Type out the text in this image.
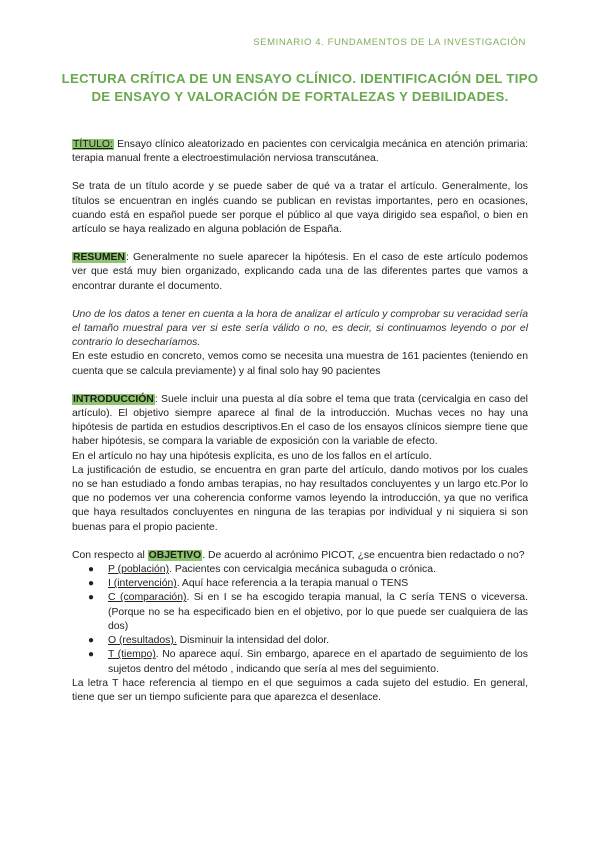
SEMINARIO 4. FUNDAMENTOS DE LA INVESTIGACIÓN
LECTURA CRÍTICA DE UN ENSAYO CLÍNICO. IDENTIFICACIÓN DEL TIPO DE ENSAYO Y VALORACIÓN DE FORTALEZAS Y DEBILIDADES.

TÍTULO: Ensayo clínico aleatorizado en pacientes con cervicalgia mecánica en atención primaria: terapia manual frente a electroestimulación nerviosa transcutánea.

Se trata de un título acorde y se puede saber de qué va a tratar el artículo. Generalmente, los títulos se encuentran en inglés cuando se publican en revistas importantes, pero en ocasiones, cuando está en español puede ser porque el público al que vaya dirigido sea español, o bien en artículo se haya realizado en alguna población de España.

RESUMEN: Generalmente no suele aparecer la hipótesis. En el caso de este artículo podemos ver que está muy bien organizado, explicando cada una de las diferentes partes que vamos a encontrar durante el documento.

Uno de los datos a tener en cuenta a la hora de analizar el artículo y comprobar su veracidad sería el tamaño muestral para ver si este sería válido o no, es decir, si continuamos leyendo o por el contrario lo desecharíamos.

En este estudio en concreto, vemos como se necesita una muestra de 161 pacientes (teniendo en cuenta que se calcula previamente) y al final solo hay 90 pacientes

INTRODUCCIÓN: Suele incluir una puesta al día sobre el tema que trata (cervicalgia en caso del artículo). El objetivo siempre aparece al final de la introducción. Muchas veces no hay una hipótesis de partida en estudios descriptivos.En el caso de los ensayos clínicos siempre tiene que haber hipótesis, se compara la variable de exposición con la variable de efecto.

En el artículo no hay una hipótesis explícita, es uno de los fallos en el artículo.

La justificación de estudio, se encuentra en gran parte del artículo, dando motivos por los cuales no se han estudiado a fondo ambas terapias, no hay resultados concluyentes y un largo etc.Por lo que no podemos ver una coherencia conforme vamos leyendo la introducción, ya que no verifica que haya resultados concluyentes en ninguna de las terapias por individual y ni siquiera si son buenas para el propio paciente.

Con respecto al OBJETIVO. De acuerdo al acrónimo PICOT, ¿se encuentra bien redactado o no?

● P (población). Pacientes con cervicalgia mecánica subaguda o crónica.
● I (intervención). Aquí hace referencia a la terapia manual o TENS
● C (comparación). Si en I se ha escogido terapia manual, la C sería TENS o viceversa. (Porque no se ha especificado bien en el objetivo, por lo que puede ser cualquiera de las dos)
● O (resultados). Disminuir la intensidad del dolor.
● T (tiempo). No aparece aquí. Sin embargo, aparece en el apartado de seguimiento de los sujetos dentro del método , indicando que sería al mes del seguimiento.

La letra T hace referencia al tiempo en el que seguimos a cada sujeto del estudio. En general, tiene que ser un tiempo suficiente para que aparezca el desenlace.
